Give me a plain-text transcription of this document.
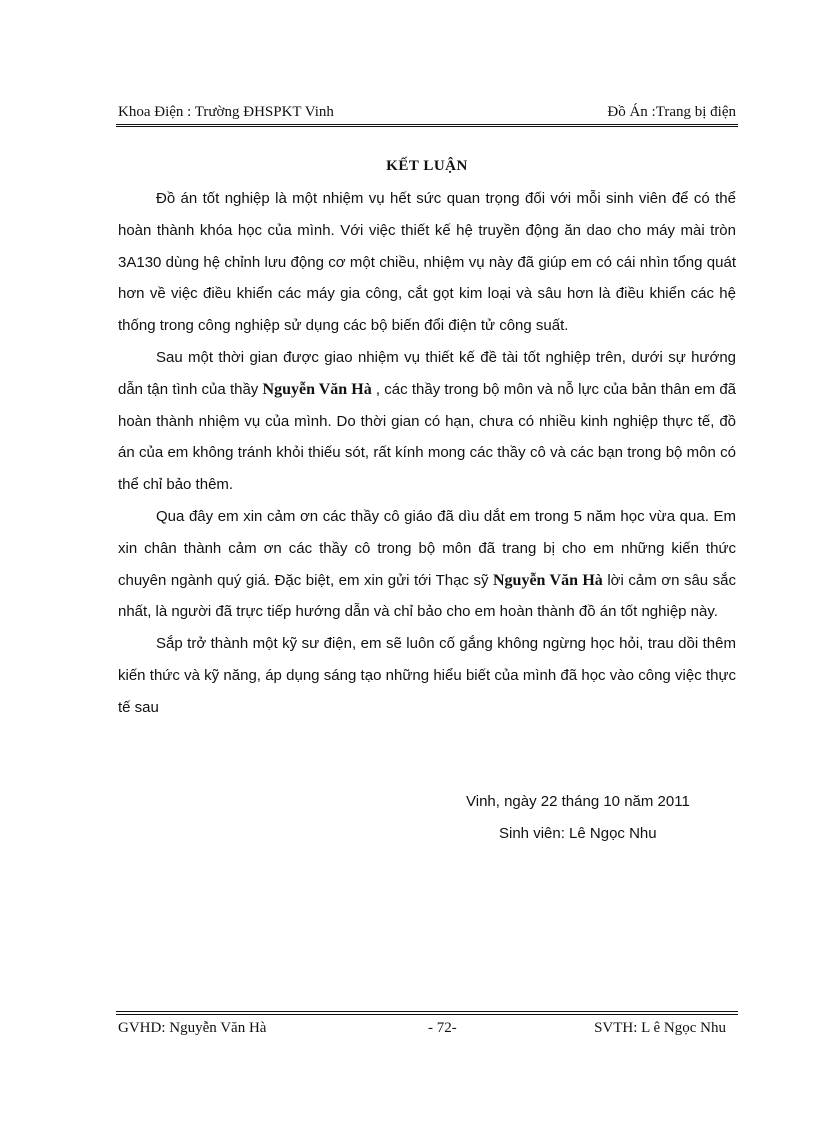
Khoa Điện : Trường ĐHSPKT Vinh	Đồ Án :Trang bị điện
KẾT LUẬN

Đồ án tốt nghiệp là một nhiệm vụ hết sức quan trọng đối với mỗi sinh viên để có thể hoàn thành khóa học của mình. Với việc thiết kế hệ truyền động ăn dao cho máy mài tròn 3A130 dùng hệ chỉnh lưu động cơ một chiều, nhiệm vụ này đã giúp em có cái nhìn tổng quát hơn về việc điều khiển các máy gia công, cắt gọt kim loại và sâu hơn là điều khiển các hệ thống trong công nghiệp sử dụng các bộ biến đổi điện tử công suất.

Sau một thời gian được giao nhiệm vụ thiết kế đề tài tốt nghiệp trên, dưới sự hướng dẫn tận tình của thầy Nguyễn Văn Hà , các thầy trong bộ môn và nỗ lực của bản thân em đã hoàn thành nhiệm vụ của mình. Do thời gian có hạn, chưa có nhiều kinh nghiệp thực tế, đồ án của em không tránh khỏi thiếu sót, rất kính mong các thầy cô và các bạn trong bộ môn có thể chỉ bảo thêm.

Qua đây em xin cảm ơn các thầy cô giáo đã dìu dắt em trong 5 năm học vừa qua. Em xin chân thành cảm ơn các thầy cô trong bộ môn đã trang bị cho em những kiến thức chuyên ngành quý giá. Đặc biệt, em xin gửi tới Thạc sỹ Nguyễn Văn Hà lời cảm ơn sâu sắc nhất, là người đã trực tiếp hướng dẫn và chỉ bảo cho em hoàn thành đồ án tốt nghiệp này.

Sắp trở thành một kỹ sư điện, em sẽ luôn cố gắng không ngừng học hỏi, trau dồi thêm kiến thức và kỹ năng, áp dụng sáng tạo những hiểu biết của mình đã học vào công việc thực tế sau

Vinh, ngày 22 tháng 10 năm 2011
Sinh viên: Lê Ngọc Nhu
GVHD: Nguyễn Văn Hà	- 72-	SVTH: L ê Ngọc Nhu
